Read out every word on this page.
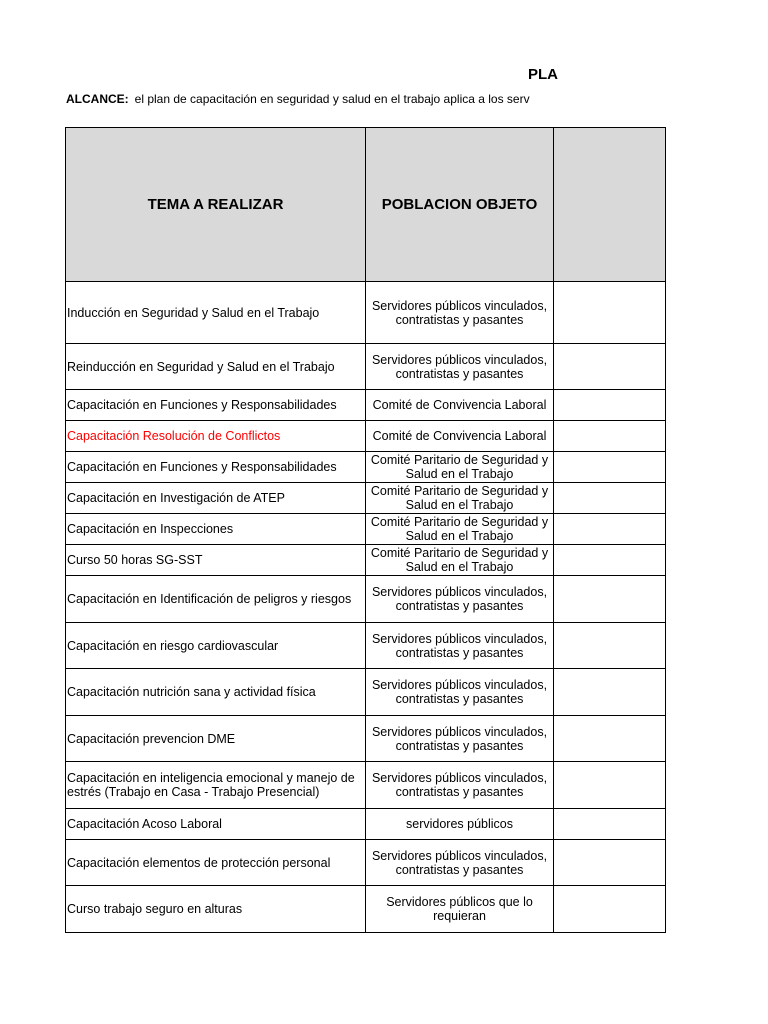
PLA
ALCANCE: el plan de capacitación en seguridad y salud en el trabajo aplica a los serv
TEMA A REALIZAR	POBLACION OBJETO	
Inducción en Seguridad y Salud en el Trabajo	Servidores públicos vinculados,
contratistas y pasantes	

Reinducción en Seguridad y Salud en el Trabajo	Servidores públicos vinculados,
contratistas y pasantes	

Capacitación en Funciones y Responsabilidades	Comité de Convivencia Laboral	

Capacitación Resolución de Conflictos	Comité de Convivencia Laboral	

Capacitación en Funciones y Responsabilidades	Comité Paritario de Seguridad y
Salud en el Trabajo	

Capacitación en Investigación de ATEP	Comité Paritario de Seguridad y
Salud en el Trabajo	

Capacitación en Inspecciones	Comité Paritario de Seguridad y
Salud en el Trabajo	

Curso 50 horas SG-SST	Comité Paritario de Seguridad y
Salud en el Trabajo	

Capacitación en Identificación de peligros y riesgos	Servidores públicos vinculados,
contratistas y pasantes	

Capacitación en riesgo cardiovascular	Servidores públicos vinculados,
contratistas y pasantes	

Capacitación nutrición sana y actividad física	Servidores públicos vinculados,
contratistas y pasantes	

Capacitación prevencion DME	Servidores públicos vinculados,
contratistas y pasantes	

Capacitación en inteligencia emocional y manejo de estrés (Trabajo en Casa - Trabajo Presencial)	Servidores públicos vinculados,
contratistas y pasantes	

Capacitación Acoso Laboral	servidores públicos	

Capacitación elementos de protección personal	Servidores públicos vinculados,
contratistas y pasantes	

Curso trabajo seguro en alturas	Servidores públicos que lo
requieran	
